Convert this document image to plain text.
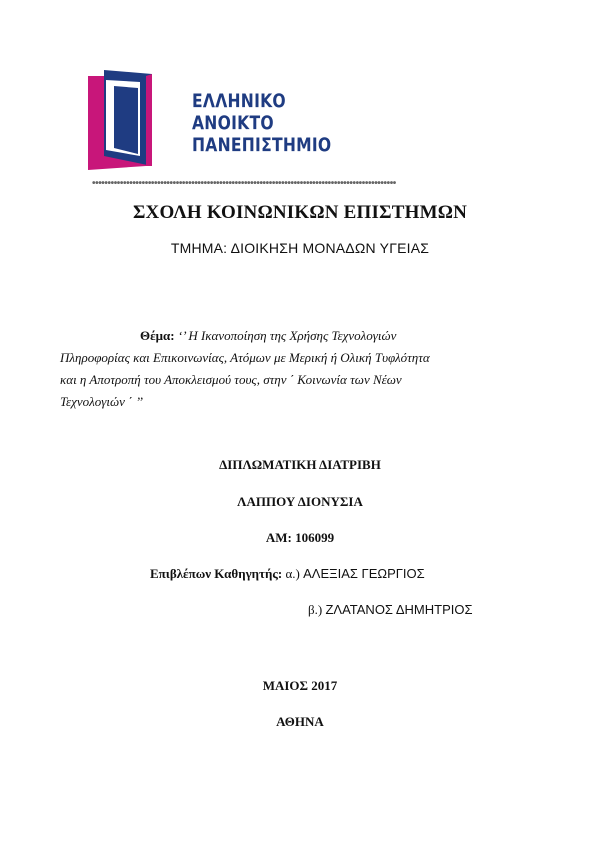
ΕΛΛΗΝΙΚΟ
ΑΝΟΙΚΤΟ
ΠΑΝΕΠΙΣΤΗΜΙΟ
••••••••••••••••••••••••••••••••••••••••••••••••••••••••••••••••••••••••••••••••••••••••••••••••••
ΣΧΟΛΗ ΚΟΙΝΩΝΙΚΩΝ ΕΠΙΣΤΗΜΩΝ
ΤΜΗΜΑ: ΔΙΟΙΚΗΣΗ ΜΟΝΑΔΩΝ ΥΓΕΙΑΣ
Θέμα: ‘’ Η Ικανοποίηση της Χρήσης Τεχνολογιών
Πληροφορίας και Επικοινωνίας, Ατόμων με Μερική ή Ολική Τυφλότητα
και η Αποτροπή του Αποκλεισμού τους, στην ΄ Κοινωνία των Νέων
Τεχνολογιών ΄ ’’
ΔΙΠΛΩΜΑΤΙΚΗ ΔΙΑΤΡΙΒΗ
ΛΑΠΠΟΥ ΔΙΟΝΥΣΙΑ
AM: 106099
Επιβλέπων Καθηγητής: α.) ΑΛΕΞΙΑΣ ΓΕΩΡΓΙΟΣ
β.) ΖΛΑΤΑΝΟΣ ΔΗΜΗΤΡΙΟΣ
ΜΑΙΟΣ 2017
ΑΘΗΝΑ
